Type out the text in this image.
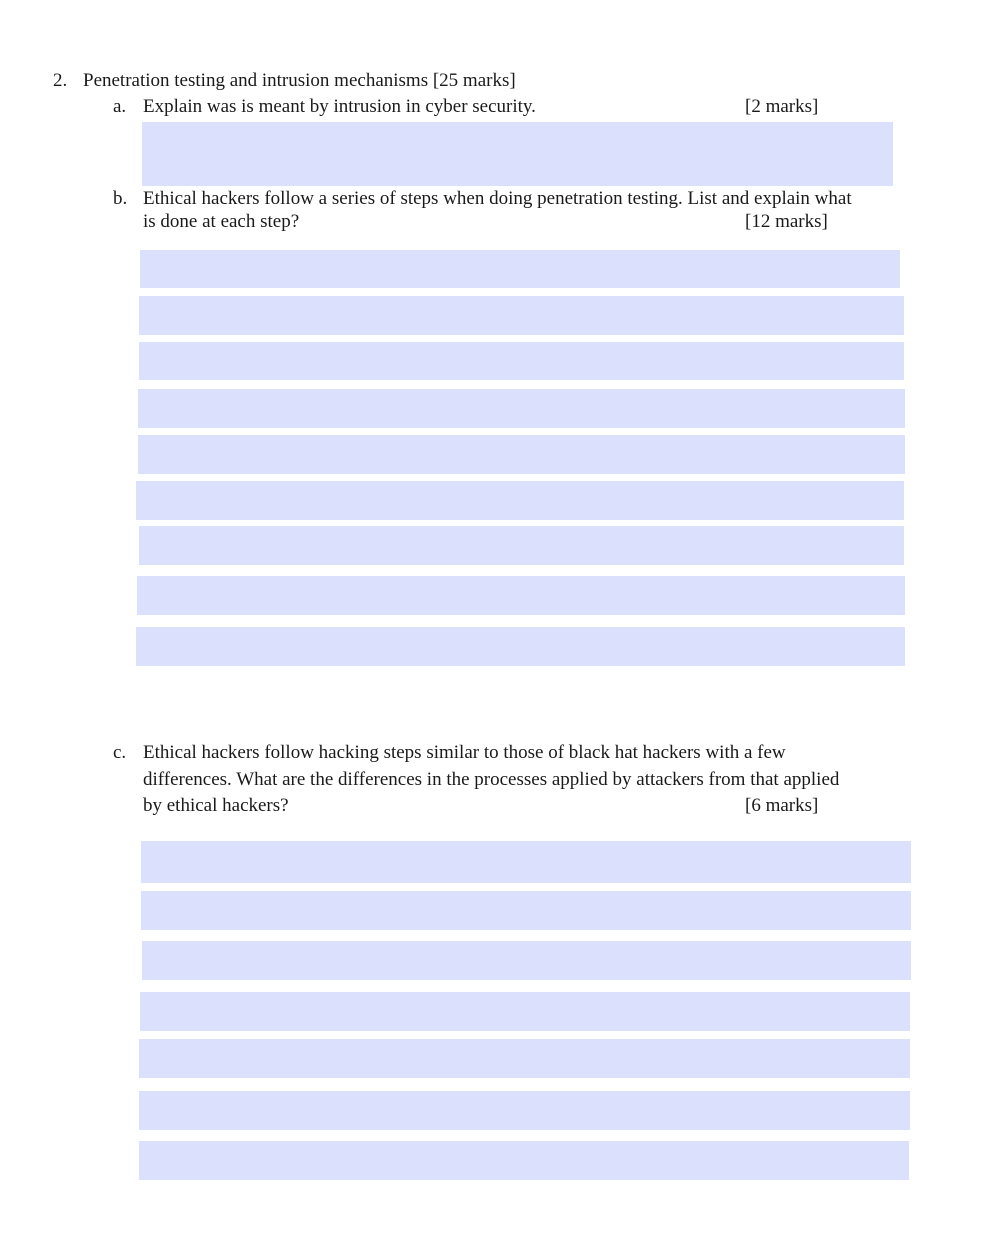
2. Penetration testing and intrusion mechanisms [25 marks]
a. Explain was is meant by intrusion in cyber security.	[2 marks]
b. Ethical hackers follow a series of steps when doing penetration testing. List and explain what
is done at each step?	[12 marks]
c. Ethical hackers follow hacking steps similar to those of black hat hackers with a few
differences. What are the differences in the processes applied by attackers from that applied
by ethical hackers?	[6 marks]
